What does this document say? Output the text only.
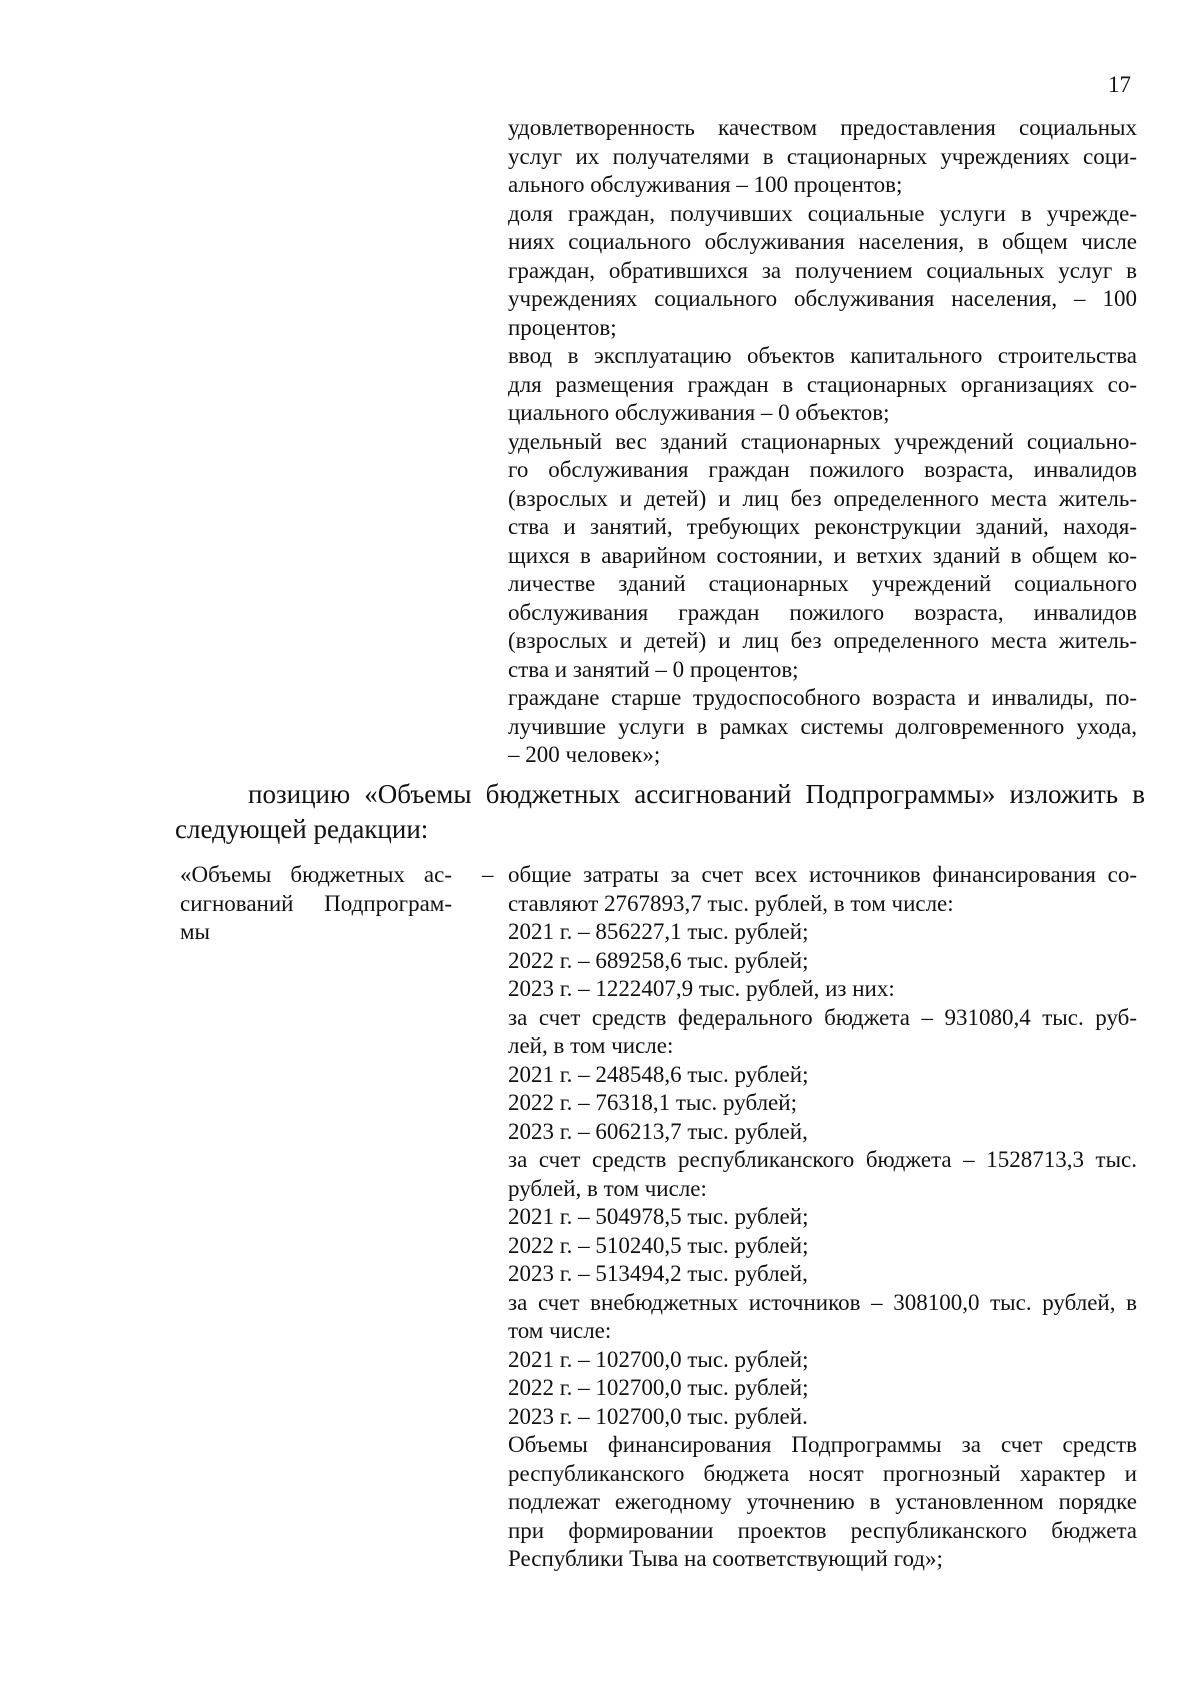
17
удовлетворенность качеством предоставления социальных
услуг их получателями в стационарных учреждениях соци-
ального обслуживания – 100 процентов;
доля граждан, получивших социальные услуги в учрежде-
ниях социального обслуживания населения, в общем числе
граждан, обратившихся за получением социальных услуг в
учреждениях социального обслуживания населения, – 100
процентов;
ввод в эксплуатацию объектов капитального строительства
для размещения граждан в стационарных организациях со-
циального обслуживания – 0 объектов;
удельный вес зданий стационарных учреждений социально-
го обслуживания граждан пожилого возраста, инвалидов
(взрослых и детей) и лиц без определенного места житель-
ства и занятий, требующих реконструкции зданий, находя-
щихся в аварийном состоянии, и ветхих зданий в общем ко-
личестве зданий стационарных учреждений социального
обслуживания граждан пожилого возраста, инвалидов
(взрослых и детей) и лиц без определенного места житель-
ства и занятий – 0 процентов;
граждане старше трудоспособного возраста и инвалиды, по-
лучившие услуги в рамках системы долговременного ухода,
– 200 человек»;
позицию «Объемы бюджетных ассигнований Подпрограммы» изложить в
следующей редакции:
«Объемы бюджетных ас-
сигнований Подпрограм-
мы
– общие затраты за счет всех источников финансирования со-
ставляют 2767893,7 тыс. рублей, в том числе:
2021 г. – 856227,1 тыс. рублей;
2022 г. – 689258,6 тыс. рублей;
2023 г. – 1222407,9 тыс. рублей, из них:
за счет средств федерального бюджета – 931080,4 тыс. руб-
лей, в том числе:
2021 г. – 248548,6 тыс. рублей;
2022 г. – 76318,1 тыс. рублей;
2023 г. – 606213,7 тыс. рублей,
за счет средств республиканского бюджета – 1528713,3 тыс.
рублей, в том числе:
2021 г. – 504978,5 тыс. рублей;
2022 г. – 510240,5 тыс. рублей;
2023 г. – 513494,2 тыс. рублей,
за счет внебюджетных источников – 308100,0 тыс. рублей, в
том числе:
2021 г. – 102700,0 тыс. рублей;
2022 г. – 102700,0 тыс. рублей;
2023 г. – 102700,0 тыс. рублей.
Объемы финансирования Подпрограммы за счет средств
республиканского бюджета носят прогнозный характер и
подлежат ежегодному уточнению в установленном порядке
при формировании проектов республиканского бюджета
Республики Тыва на соответствующий год»;
